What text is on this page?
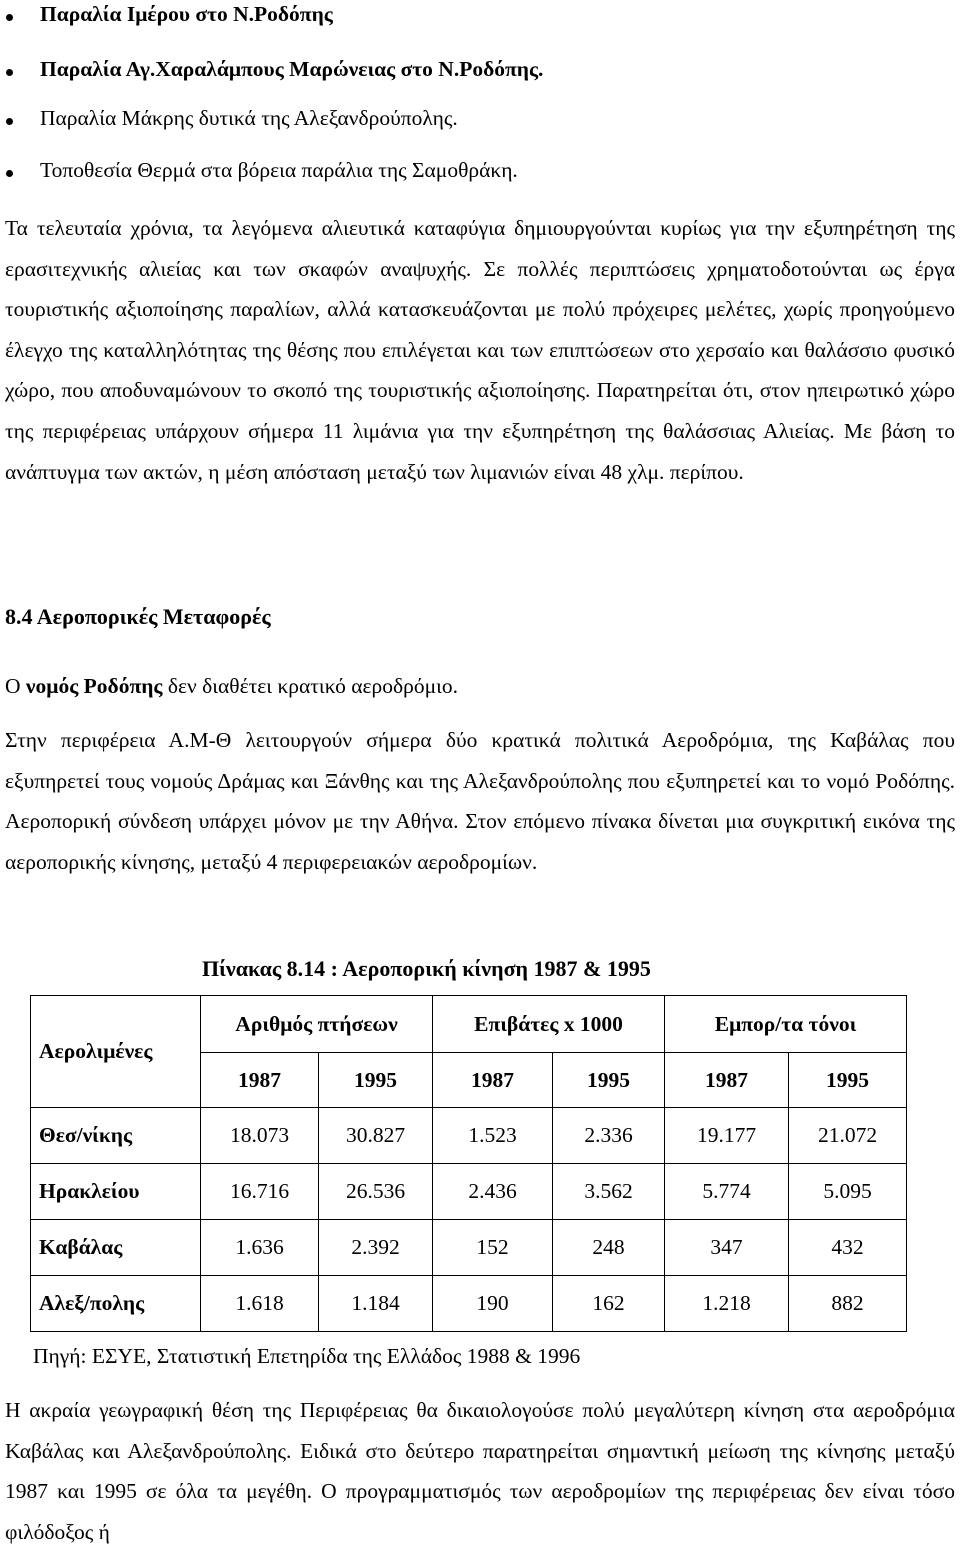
Παραλία Ιμέρου στο Ν.Ροδόπης
Παραλία Αγ.Χαραλάμπους Μαρώνειας στο Ν.Ροδόπης.
Παραλία Μάκρης δυτικά της Αλεξανδρούπολης.
Τοποθεσία Θερμά στα βόρεια παράλια της Σαμοθράκη.
Τα τελευταία χρόνια, τα λεγόμενα αλιευτικά καταφύγια δημιουργούνται κυρίως για την εξυπηρέτηση της ερασιτεχνικής αλιείας και των σκαφών αναψυχής. Σε πολλές περιπτώσεις χρηματοδοτούνται ως έργα τουριστικής αξιοποίησης παραλίων, αλλά κατασκευάζονται με πολύ πρόχειρες μελέτες, χωρίς προηγούμενο έλεγχο της καταλληλότητας της θέσης που επιλέγεται και των επιπτώσεων στο χερσαίο και θαλάσσιο φυσικό χώρο, που αποδυναμώνουν το σκοπό της τουριστικής αξιοποίησης. Παρατηρείται ότι, στον ηπειρωτικό χώρο της περιφέρειας υπάρχουν σήμερα 11 λιμάνια για την εξυπηρέτηση της θαλάσσιας Αλιείας. Με βάση το ανάπτυγμα των ακτών, η μέση απόσταση μεταξύ των λιμανιών είναι 48 χλμ. περίπου.
8.4 Αεροπορικές Μεταφορές
Ο νομός Ροδόπης δεν διαθέτει κρατικό αεροδρόμιο.
Στην περιφέρεια Α.Μ-Θ λειτουργούν σήμερα δύο κρατικά πολιτικά Αεροδρόμια, της Καβάλας που εξυπηρετεί τους νομούς Δράμας και Ξάνθης και της Αλεξανδρούπολης που εξυπηρετεί και το νομό Ροδόπης. Αεροπορική σύνδεση υπάρχει μόνον με την Αθήνα. Στον επόμενο πίνακα δίνεται μια συγκριτική εικόνα της αεροπορικής κίνησης, μεταξύ 4 περιφερειακών αεροδρομίων.
Πίνακας 8.14 : Αεροπορική κίνηση 1987 & 1995
Αερολιμένες	Αριθμός πτήσεων		Επιβάτες x 1000		Εμπορ/τα τόνοι	
	1987	1995	1987	1995	1987	1995
Θεσ/νίκης	18.073	30.827	1.523	2.336	19.177	21.072
Ηρακλείου	16.716	26.536	2.436	3.562	5.774	5.095
Καβάλας	1.636	2.392	152	248	347	432
Αλεξ/πολης	1.618	1.184	190	162	1.218	882
Πηγή: ΕΣΥΕ, Στατιστική Επετηρίδα της Ελλάδος 1988 & 1996
Η ακραία γεωγραφική θέση της Περιφέρειας θα δικαιολογούσε πολύ μεγαλύτερη κίνηση στα αεροδρόμια Καβάλας και Αλεξανδρούπολης. Ειδικά στο δεύτερο παρατηρείται σημαντική μείωση της κίνησης μεταξύ 1987 και 1995 σε όλα τα μεγέθη. Ο προγραμματισμός των αεροδρομίων της περιφέρειας δεν είναι τόσο φιλόδοξος ή
